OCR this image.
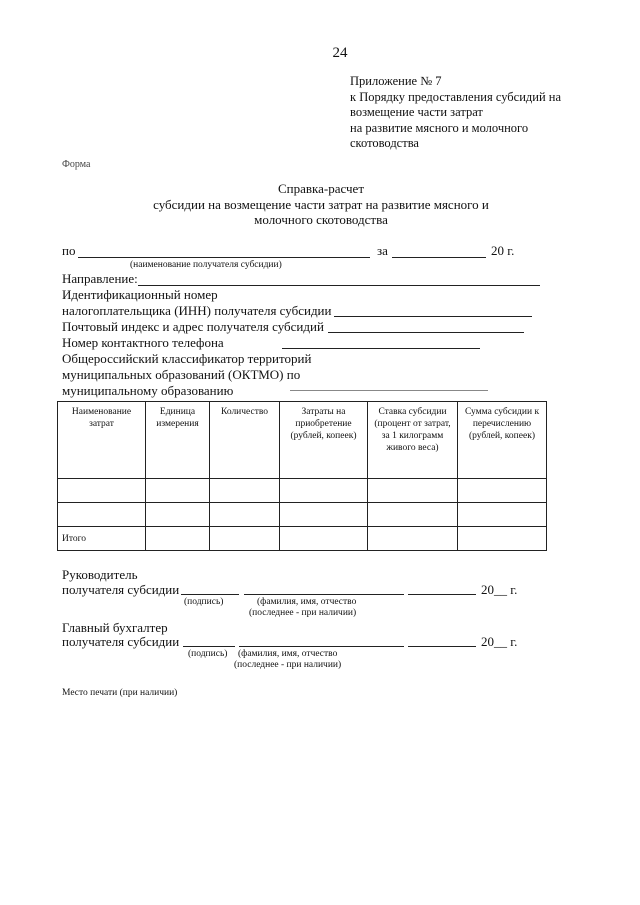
24
Приложение № 7
к Порядку предоставления субсидий на
возмещение части затрат
на развитие мясного и молочного
скотоводства
Форма
Справка-расчет
субсидии на возмещение части затрат на развитие мясного и
молочного скотоводства
по	за	20 г.
(наименование получателя субсидии)
Направление:
Идентификационный номер
налогоплательщика (ИНН) получателя субсидии
Почтовый индекс и адрес получателя субсидий
Номер контактного телефона
Общероссийский классификатор территорий
муниципальных образований (ОКТМО) по
муниципальному образованию
Наименование затрат	Единица измерения	Количество	Затраты на приобретение (рублей, копеек)	Ставка субсидии (процент от затрат, за 1 килограмм живого веса)	Сумма субсидии к перечислению (рублей, копеек)

Итого					
Руководитель
получателя субсидии	20__ г.
(подпись)	(фамилия, имя, отчество
(последнее - при наличии)
Главный бухгалтер
получателя субсидии	20__ г.
(подпись) (фамилия, имя, отчество
(последнее - при наличии)
Место печати (при наличии)
